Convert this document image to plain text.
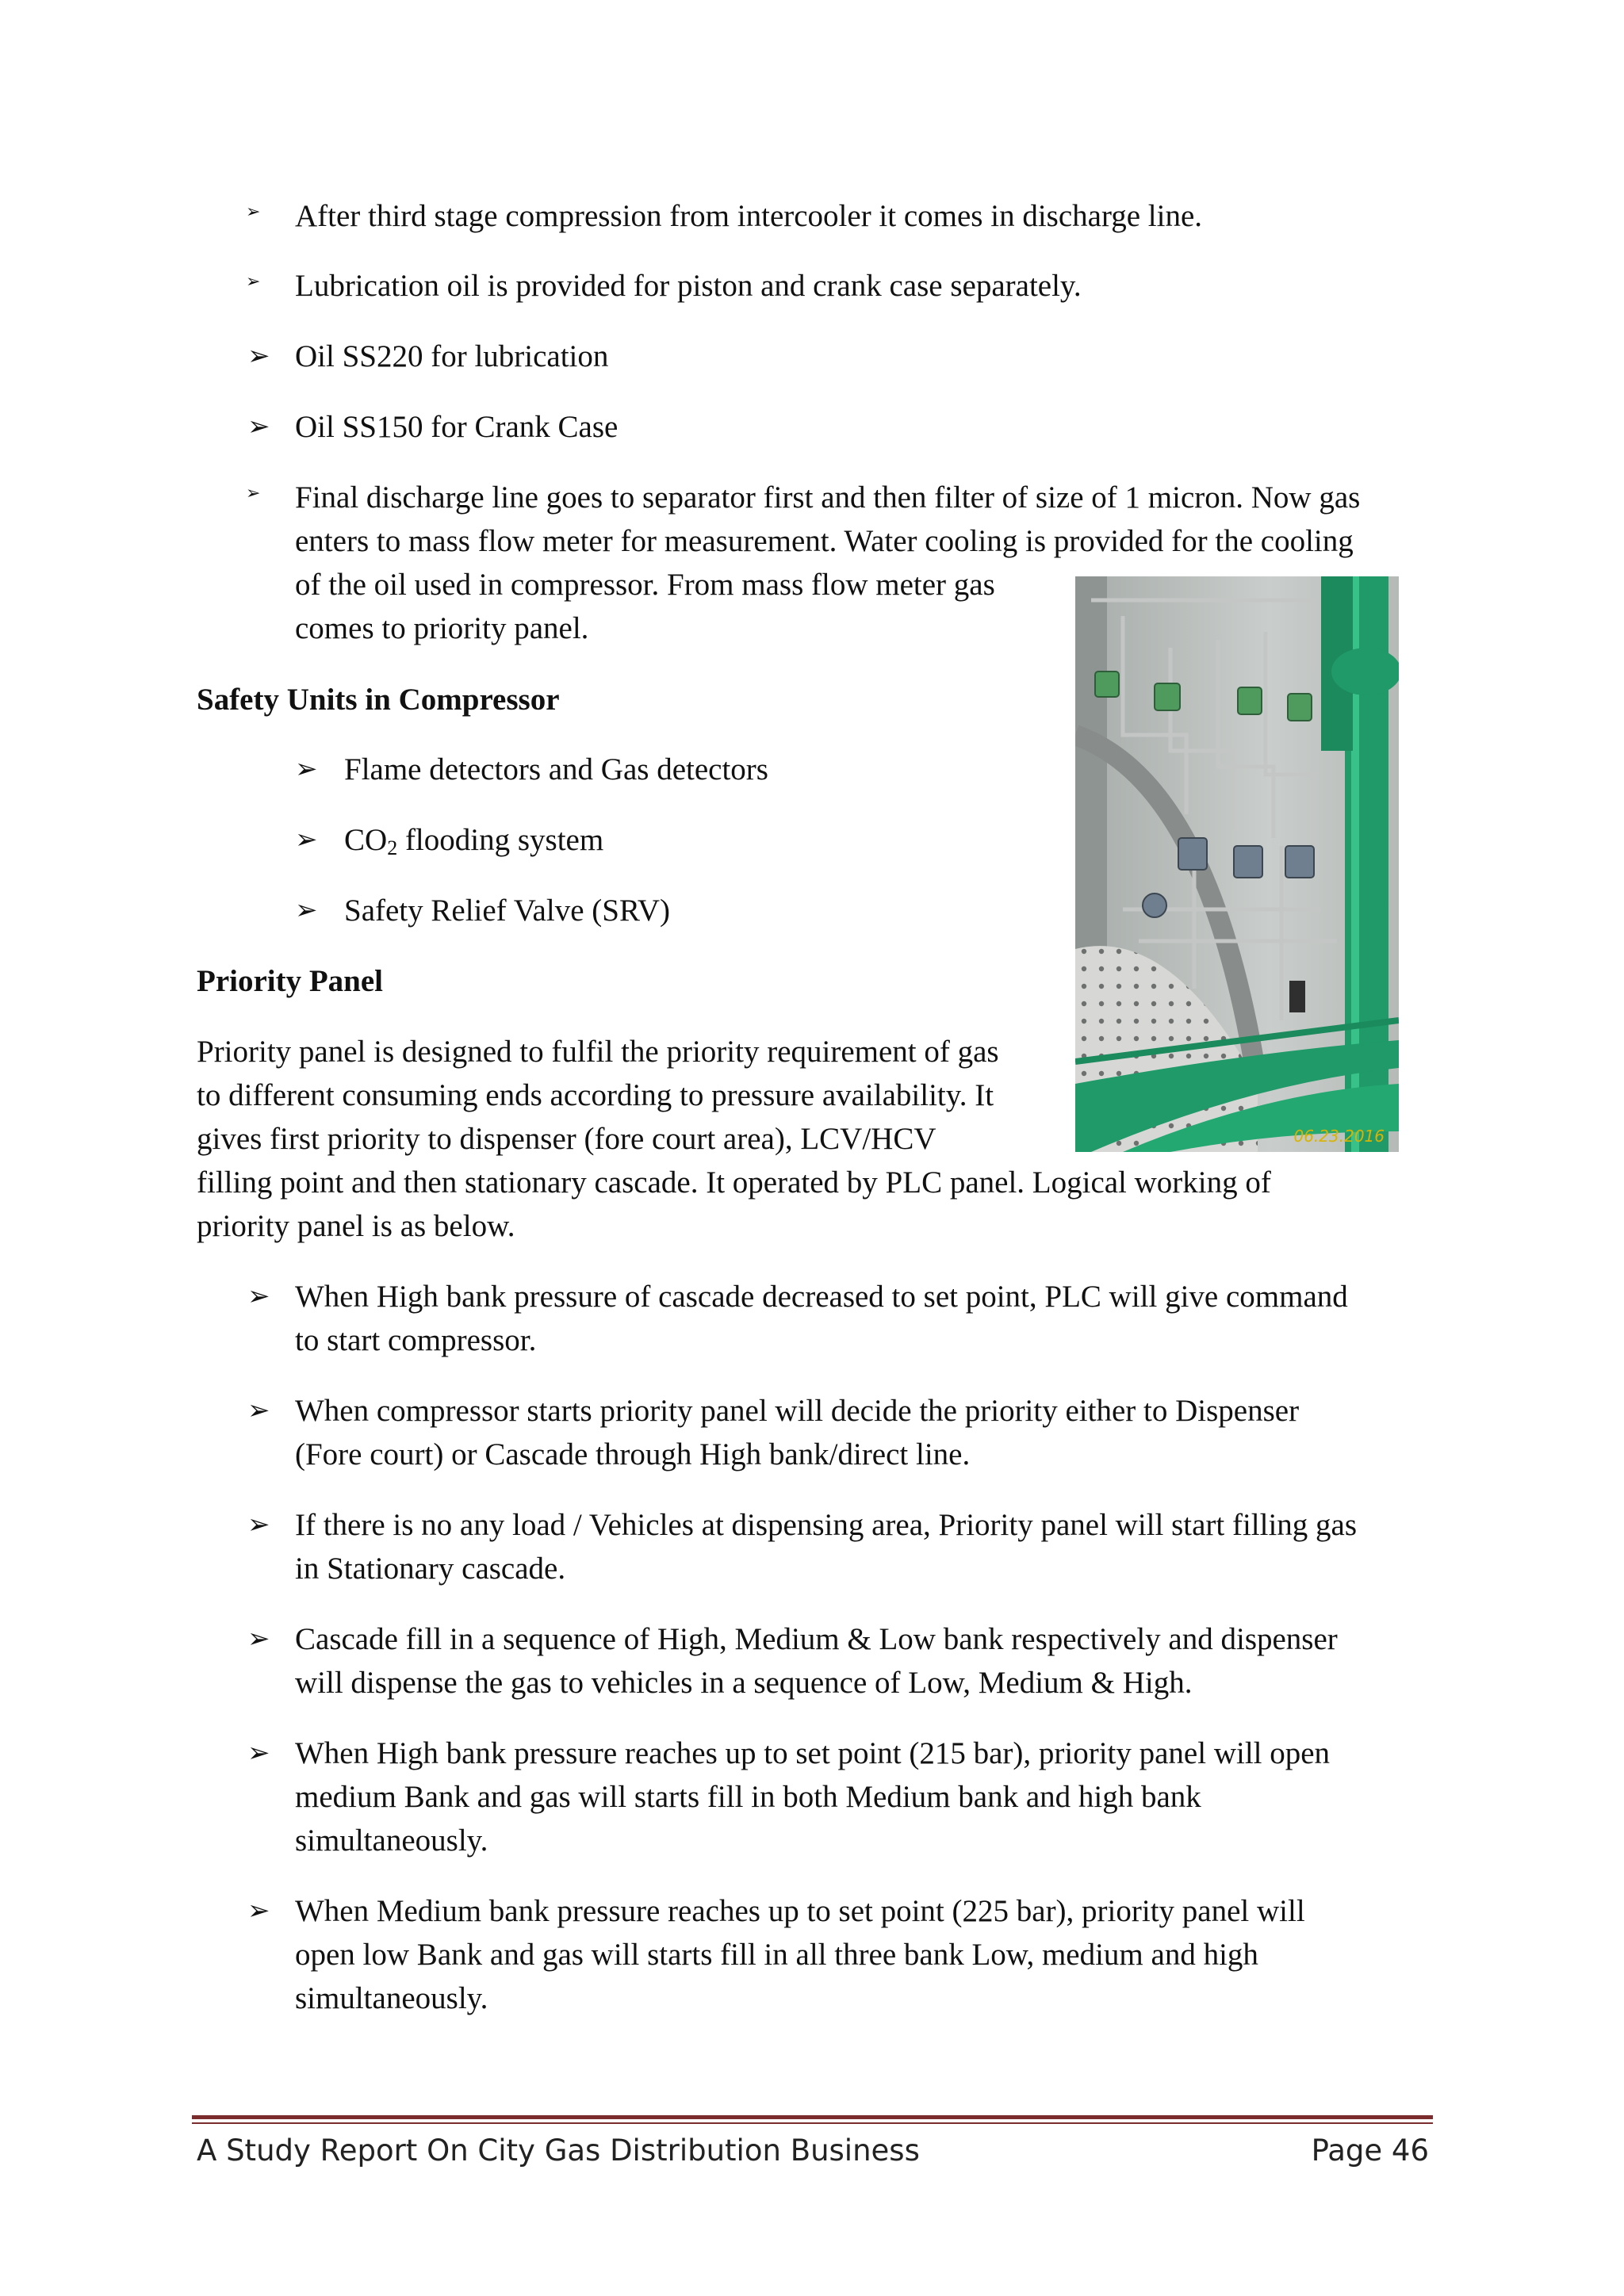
➢ After third stage compression from intercooler it comes in discharge line.
➢ Lubrication oil is provided for piston and crank case separately.
➢ Oil SS220 for lubrication
➢ Oil SS150 for Crank Case
➢ Final discharge line goes to separator first and then filter of size of 1 micron. Now gas
enters to mass flow meter for measurement. Water cooling is provided for the cooling
of the oil used in compressor. From mass flow meter gas
comes to priority panel.
Safety Units in Compressor
➢ Flame detectors and Gas detectors
➢ $CO_2$ flooding system
➢ Safety Relief Valve (SRV)
Priority Panel
Priority panel is designed to fulfil the priority requirement of gas
to different consuming ends according to pressure availability. It
gives first priority to dispenser (fore court area), LCV/HCV
filling point and then stationary cascade. It operated by PLC panel. Logical working of
priority panel is as below.
06.23.2016
➢ When High bank pressure of cascade decreased to set point, PLC will give command
to start compressor.
➢ When compressor starts priority panel will decide the priority either to Dispenser
(Fore court) or Cascade through High bank/direct line.
➢ If there is no any load / Vehicles at dispensing area, Priority panel will start filling gas
in Stationary cascade.
➢ Cascade fill in a sequence of High, Medium & Low bank respectively and dispenser
will dispense the gas to vehicles in a sequence of Low, Medium & High.
➢ When High bank pressure reaches up to set point (215 bar), priority panel will open
medium Bank and gas will starts fill in both Medium bank and high bank
simultaneously.
➢ When Medium bank pressure reaches up to set point (225 bar), priority panel will
open low Bank and gas will starts fill in all three bank Low, medium and high
simultaneously.
A Study Report On City Gas Distribution Business	Page 46
